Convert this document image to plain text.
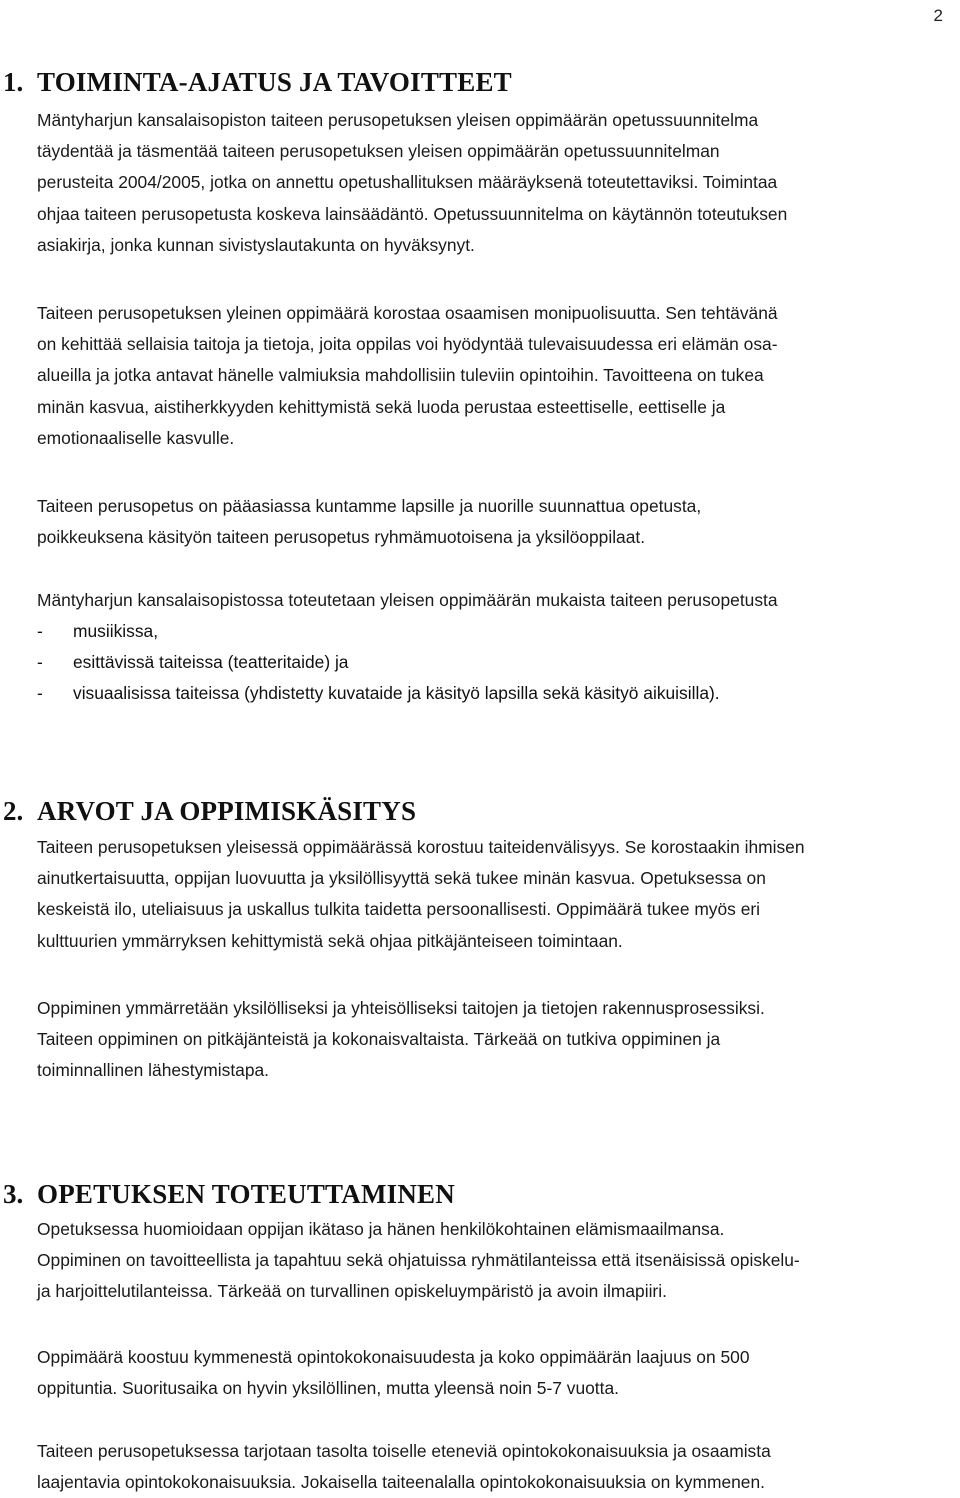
2
1. TOIMINTA-AJATUS JA TAVOITTEET
Mäntyharjun kansalaisopiston taiteen perusopetuksen yleisen oppimäärän opetussuunnitelma
täydentää ja täsmentää taiteen perusopetuksen yleisen oppimäärän opetussuunnitelman
perusteita 2004/2005, jotka on annettu opetushallituksen määräyksenä toteutettaviksi. Toimintaa
ohjaa taiteen perusopetusta koskeva lainsäädäntö. Opetussuunnitelma on käytännön toteutuksen
asiakirja, jonka kunnan sivistyslautakunta on hyväksynyt.
Taiteen perusopetuksen yleinen oppimäärä korostaa osaamisen monipuolisuutta. Sen tehtävänä
on kehittää sellaisia taitoja ja tietoja, joita oppilas voi hyödyntää tulevaisuudessa eri elämän osa-
alueilla ja jotka antavat hänelle valmiuksia mahdollisiin tuleviin opintoihin. Tavoitteena on tukea
minän kasvua, aistiherkkyyden kehittymistä sekä luoda perustaa esteettiselle, eettiselle ja
emotionaaliselle kasvulle.
Taiteen perusopetus on pääasiassa kuntamme lapsille ja nuorille suunnattua opetusta,
poikkeuksena käsityön taiteen perusopetus ryhmämuotoisena ja yksilöoppilaat.
Mäntyharjun kansalaisopistossa toteutetaan yleisen oppimäärän mukaista taiteen perusopetusta
- musiikissa,
- esittävissä taiteissa (teatteritaide) ja
- visuaalisissa taiteissa (yhdistetty kuvataide ja käsityö lapsilla sekä käsityö aikuisilla).
2. ARVOT JA OPPIMISKÄSITYS
Taiteen perusopetuksen yleisessä oppimäärässä korostuu taiteidenvälisyys. Se korostaakin ihmisen
ainutkertaisuutta, oppijan luovuutta ja yksilöllisyyttä sekä tukee minän kasvua. Opetuksessa on
keskeistä ilo, uteliaisuus ja uskallus tulkita taidetta persoonallisesti. Oppimäärä tukee myös eri
kulttuurien ymmärryksen kehittymistä sekä ohjaa pitkäjänteiseen toimintaan.
Oppiminen ymmärretään yksilölliseksi ja yhteisölliseksi taitojen ja tietojen rakennusprosessiksi.
Taiteen oppiminen on pitkäjänteistä ja kokonaisvaltaista. Tärkeää on tutkiva oppiminen ja
toiminnallinen lähestymistapa.
3. OPETUKSEN TOTEUTTAMINEN
Opetuksessa huomioidaan oppijan ikätaso ja hänen henkilökohtainen elämismaailmansa.
Oppiminen on tavoitteellista ja tapahtuu sekä ohjatuissa ryhmätilanteissa että itsenäisissä opiskelu-
ja harjoittelutilanteissa. Tärkeää on turvallinen opiskeluympäristö ja avoin ilmapiiri.
Oppimäärä koostuu kymmenestä opintokokonaisuudesta ja koko oppimäärän laajuus on 500
oppituntia. Suoritusaika on hyvin yksilöllinen, mutta yleensä noin 5-7 vuotta.
Taiteen perusopetuksessa tarjotaan tasolta toiselle eteneviä opintokokonaisuuksia ja osaamista
laajentavia opintokokonaisuuksia. Jokaisella taiteenalalla opintokokonaisuuksia on kymmenen.
